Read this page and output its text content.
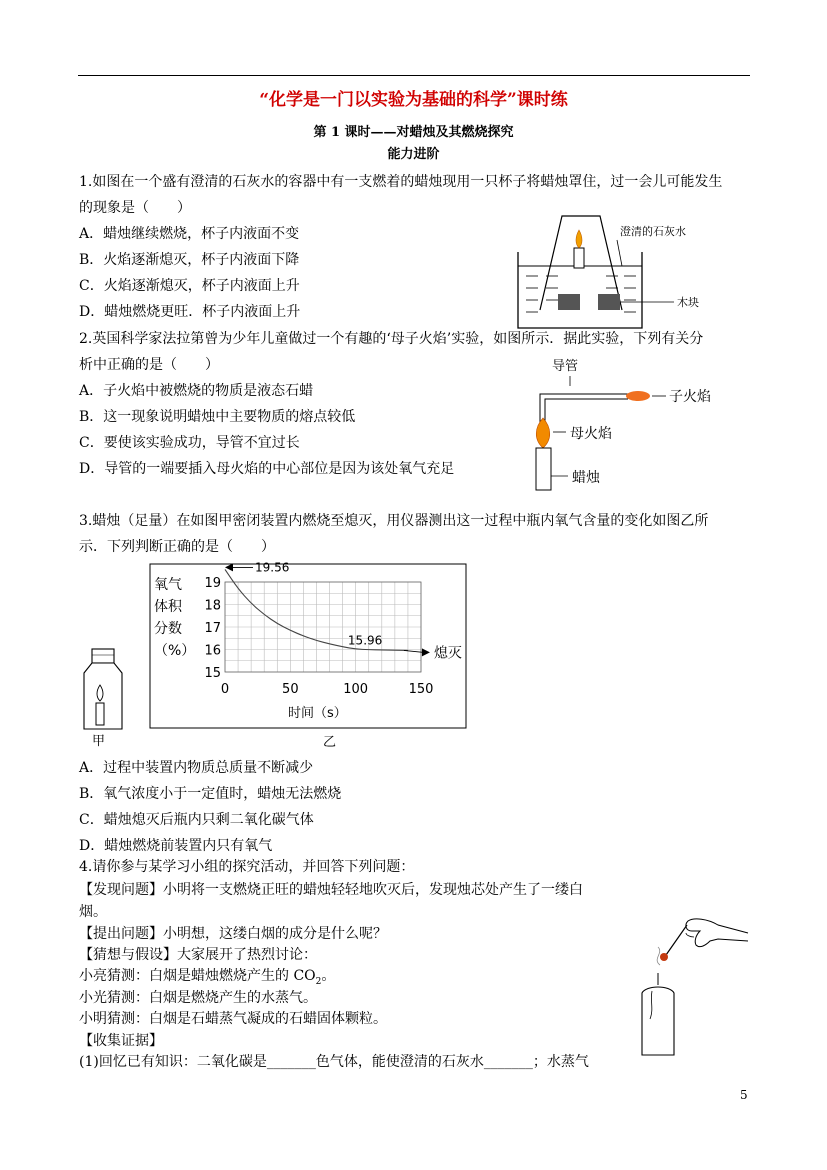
“化学是一门以实验为基础的科学”课时练
第 1 课时——对蜡烛及其燃烧探究
能力进阶
1.如图在一个盛有澄清的石灰水的容器中有一支燃着的蜡烛现用一只杯子将蜡烛罩住，过一会儿可能发生
的现象是（　　）
A．蜡烛继续燃烧，杯子内液面不变
B．火焰逐渐熄灭，杯子内液面下降
C．火焰逐渐熄灭，杯子内液面上升
D．蜡烛燃烧更旺．杯子内液面上升
澄清的石灰水
木块
2.英国科学家法拉第曾为少年儿童做过一个有趣的‘母子火焰’实验，如图所示．据此实验，下列有关分
析中正确的是（　　）
A．子火焰中被燃烧的物质是液态石蜡
B．这一现象说明蜡烛中主要物质的熔点较低
C．要使该实验成功，导管不宜过长
D．导管的一端要插入母火焰的中心部位是因为该处氧气充足
导管
子火焰
母火焰
蜡烛
3.蜡烛（足量）在如图甲密闭装置内燃烧至熄灭，用仪器测出这一过程中瓶内氧气含量的变化如图乙所
示．下列判断正确的是（　　）
甲
氧气
体积
分数
（%）
15
16
17
18
19
0	50	100	150
19.56
15.96
熄灭
时间（s）
乙
A．过程中装置内物质总质量不断减少
B．氧气浓度小于一定值时，蜡烛无法燃烧
C．蜡烛熄灭后瓶内只剩二氧化碳气体
D．蜡烛燃烧前装置内只有氧气
4.请你参与某学习小组的探究活动，并回答下列问题：
【发现问题】小明将一支燃烧正旺的蜡烛轻轻地吹灭后，发现烛芯处产生了一缕白
烟。
【提出问题】小明想，这缕白烟的成分是什么呢？
【猜想与假设】大家展开了热烈讨论：
小亮猜测：白烟是蜡烛燃烧产生的 $CO_2$。
小光猜测：白烟是燃烧产生的水蒸气。
小明猜测：白烟是石蜡蒸气凝成的石蜡固体颗粒。
【收集证据】
(1)回忆已有知识：二氧化碳是_______色气体，能使澄清的石灰水_______；水蒸气
5
